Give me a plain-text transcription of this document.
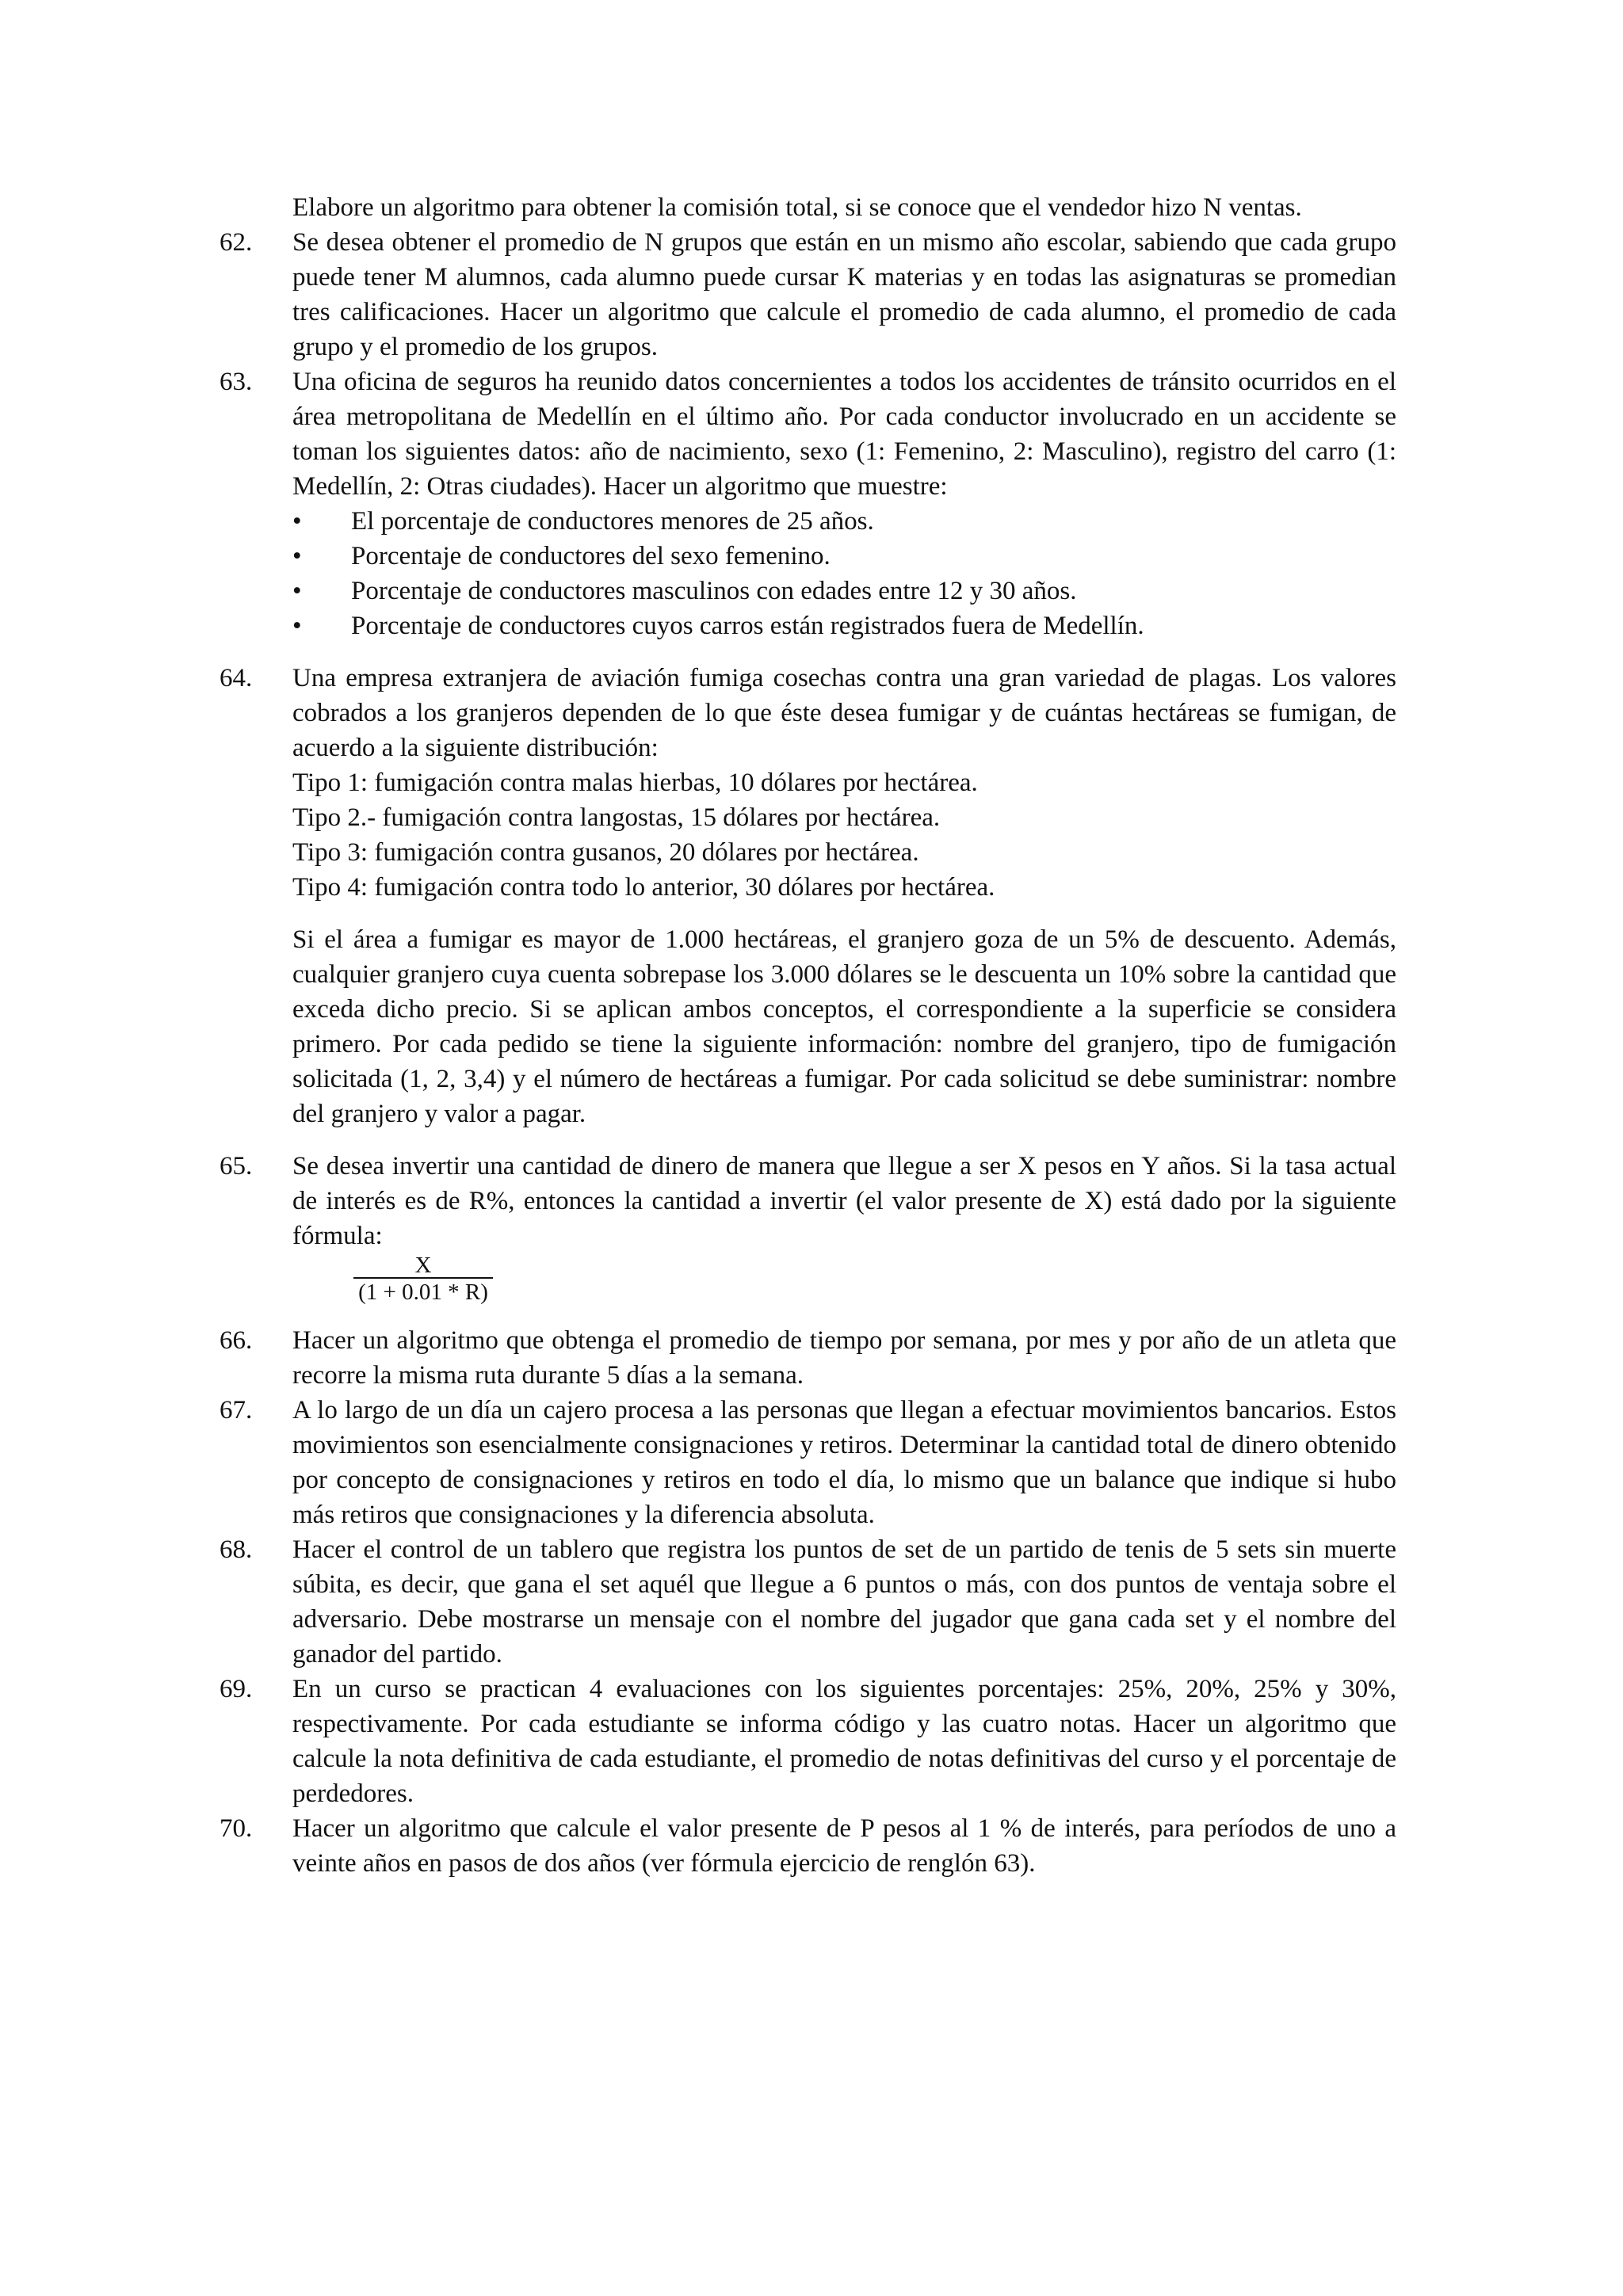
Elabore un algoritmo para obtener la comisión total, si se conoce que el vendedor hizo N ventas.
62.	Se desea obtener el promedio de N grupos que están en un mismo año escolar, sabiendo que cada grupo puede tener M alumnos, cada alumno puede cursar K materias y en todas las asignaturas se promedian tres calificaciones. Hacer un algoritmo que calcule el promedio de cada alumno, el promedio de cada grupo y el promedio de los grupos.
63.	Una oficina de seguros ha reunido datos concernientes a todos los accidentes de tránsito ocurridos en el área metropolitana de Medellín en el último año. Por cada conductor involucrado en un accidente se toman los siguientes datos: año de nacimiento, sexo (1: Femenino, 2: Masculino), registro del carro (1: Medellín, 2: Otras ciudades). Hacer un algoritmo que muestre:

•	El porcentaje de conductores menores de 25 años.
•	Porcentaje de conductores del sexo femenino.
•	Porcentaje de conductores masculinos con edades entre 12 y 30 años.
•	Porcentaje de conductores cuyos carros están registrados fuera de Medellín.
64.	Una empresa extranjera de aviación fumiga cosechas contra una gran variedad de plagas. Los valores cobrados a los granjeros dependen de lo que éste desea fumigar y de cuántas hectáreas se fumigan, de acuerdo a la siguiente distribución:

Tipo 1: fumigación contra malas hierbas, 10 dólares por hectárea.

Tipo 2.- fumigación contra langostas, 15 dólares por hectárea.

Tipo 3: fumigación contra gusanos, 20 dólares por hectárea.

Tipo 4: fumigación contra todo lo anterior, 30 dólares por hectárea.

Si el área a fumigar es mayor de 1.000 hectáreas, el granjero goza de un 5% de descuento. Además, cualquier granjero cuya cuenta sobrepase los 3.000 dólares se le descuenta un 10% sobre la cantidad que exceda dicho precio. Si se aplican ambos conceptos, el correspondiente a la superficie se considera primero. Por cada pedido se tiene la siguiente información: nombre del granjero, tipo de fumigación solicitada (1, 2, 3,4) y el número de hectáreas a fumigar. Por cada solicitud se debe suministrar: nombre del granjero y valor a pagar.

65.	Se desea invertir una cantidad de dinero de manera que llegue a ser X pesos en Y años. Si la tasa actual de interés es de R%, entonces la cantidad a invertir (el valor presente de X) está dado por la siguiente fórmula:

X
(1 + 0.01 * R)
66.	Hacer un algoritmo que obtenga el promedio de tiempo por semana, por mes y por año de un atleta que recorre la misma ruta durante 5 días a la semana.
67.	A lo largo de un día un cajero procesa a las personas que llegan a efectuar movimientos bancarios. Estos movimientos son esencialmente consignaciones y retiros. Determinar la cantidad total de dinero obtenido por concepto de consignaciones y retiros en todo el día, lo mismo que un balance que indique si hubo más retiros que consignaciones y la diferencia absoluta.
68.	Hacer el control de un tablero que registra los puntos de set de un partido de tenis de 5 sets sin muerte súbita, es decir, que gana el set aquél que llegue a 6 puntos o más, con dos puntos de ventaja sobre el adversario. Debe mostrarse un mensaje con el nombre del jugador que gana cada set y el nombre del ganador del partido.
69.	En un curso se practican 4 evaluaciones con los siguientes porcentajes: 25%, 20%, 25% y 30%, respectivamente. Por cada estudiante se informa código y las cuatro notas. Hacer un algoritmo que calcule la nota definitiva de cada estudiante, el promedio de notas definitivas del curso y el porcentaje de perdedores.
70.	Hacer un algoritmo que calcule el valor presente de P pesos al 1 % de interés, para períodos de uno a veinte años en pasos de dos años (ver fórmula ejercicio de renglón 63).
